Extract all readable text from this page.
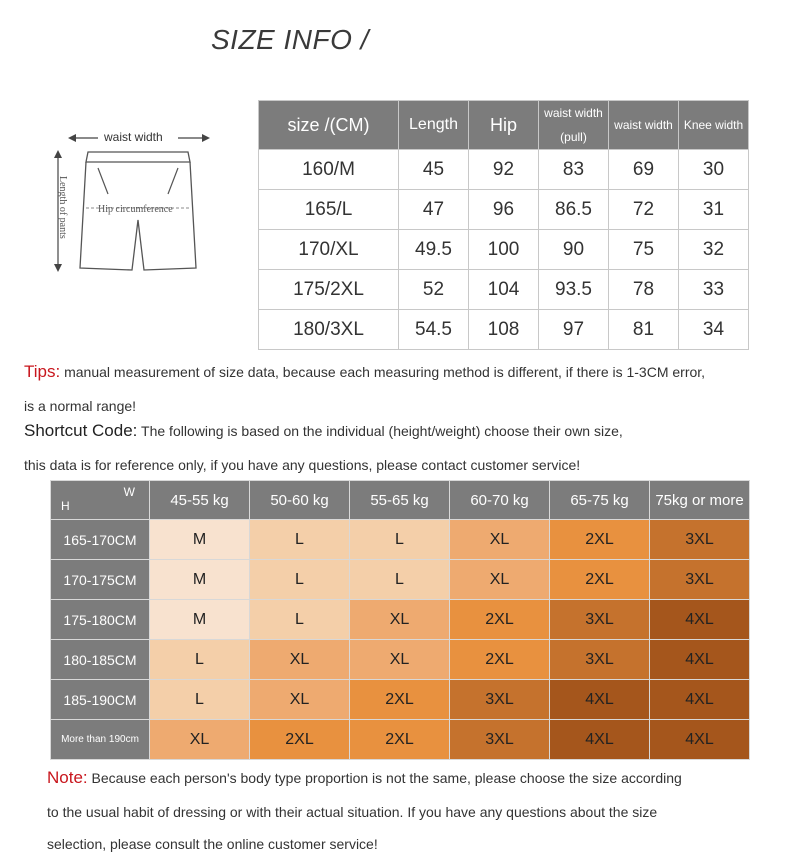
SIZE INFO /
waist width
Hip circumference
Length of pants
size /(CM)	Length	Hip	waist width (pull)	waist width	Knee width
160/M	45	92	83	69	30
165/L	47	96	86.5	72	31
170/XL	49.5	100	90	75	32
175/2XL	52	104	93.5	78	33
180/3XL	54.5	108	97	81	34
Tips: manual measurement of size data, because each measuring method is different, if there is 1-3CM error,
is a normal range!
Shortcut Code: The following is based on the individual (height/weight) choose their own size,
this data is for reference only, if you have any questions, please contact customer service!
W
H	45-55 kg	50-60 kg	55-65 kg	60-70 kg	65-75 kg	75kg or more
165-170CM	M	L	L	XL	2XL	3XL
170-175CM	M	L	L	XL	2XL	3XL
175-180CM	M	L	XL	2XL	3XL	4XL
180-185CM	L	XL	XL	2XL	3XL	4XL
185-190CM	L	XL	2XL	3XL	4XL	4XL
More than 190cm	XL	2XL	2XL	3XL	4XL	4XL
Note: Because each person's body type proportion is not the same, please choose the size according
to the usual habit of dressing or with their actual situation. If you have any questions about the size
selection, please consult the online customer service!
